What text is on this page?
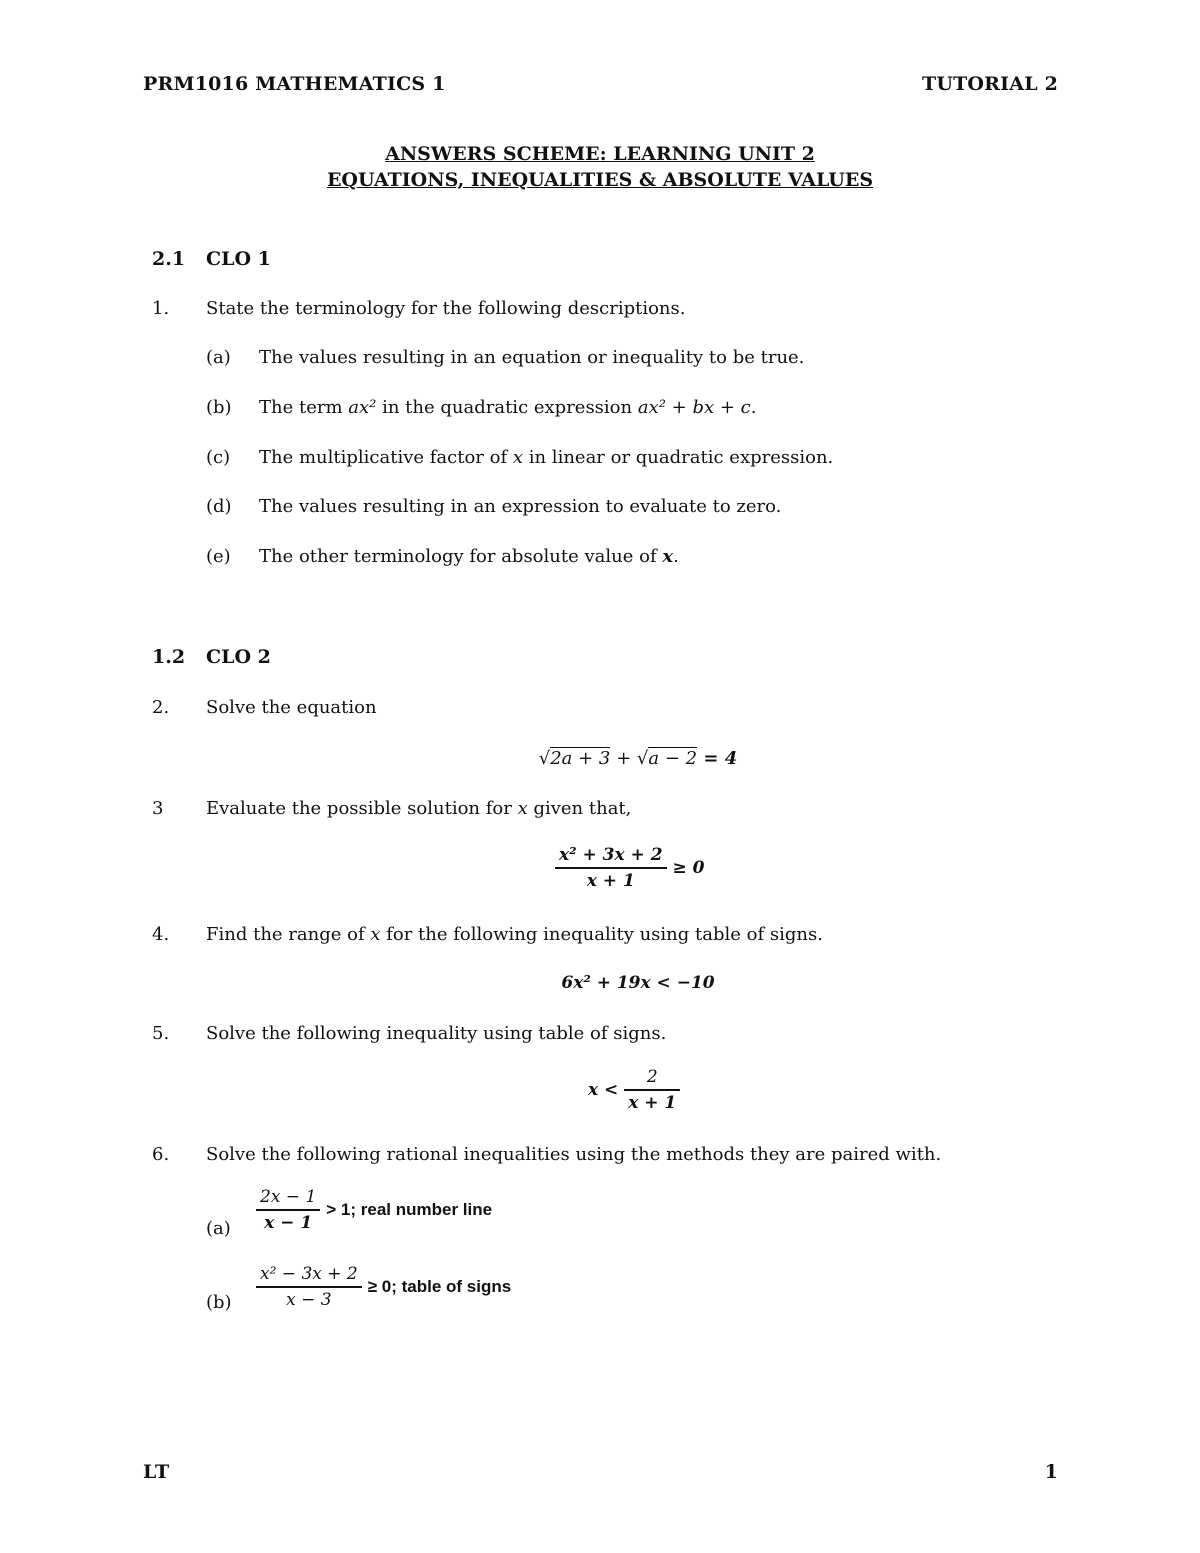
PRM1016 MATHEMATICS 1	TUTORIAL 2
ANSWERS SCHEME: LEARNING UNIT 2
EQUATIONS, INEQUALITIES & ABSOLUTE VALUES
2.1 CLO 1
1. State the terminology for the following descriptions.
(a) The values resulting in an equation or inequality to be true.
(b) The term ax² in the quadratic expression ax² + bx + c.
(c) The multiplicative factor of x in linear or quadratic expression.
(d) The values resulting in an expression to evaluate to zero.
(e) The other terminology for absolute value of x.
1.2 CLO 2
2. Solve the equation
√2a + 3 + √a − 2 = 4
3 Evaluate the possible solution for x given that,
$\frac{\text{x² + 3x + 2}}{x + 1} \ge 0$
4. Find the range of x for the following inequality using table of signs.
6x² + 19x < −10
5. Solve the following inequality using table of signs.
$x < \frac{2}{x + 1}$
6. Solve the following rational inequalities using the methods they are paired with.
$(a) \frac{2x - 1}{x - 1} > 1$; real number line
$(b) \frac{\text{x² − 3x + 2}}{x - 3} \ge 0$; table of signs
LT	1
